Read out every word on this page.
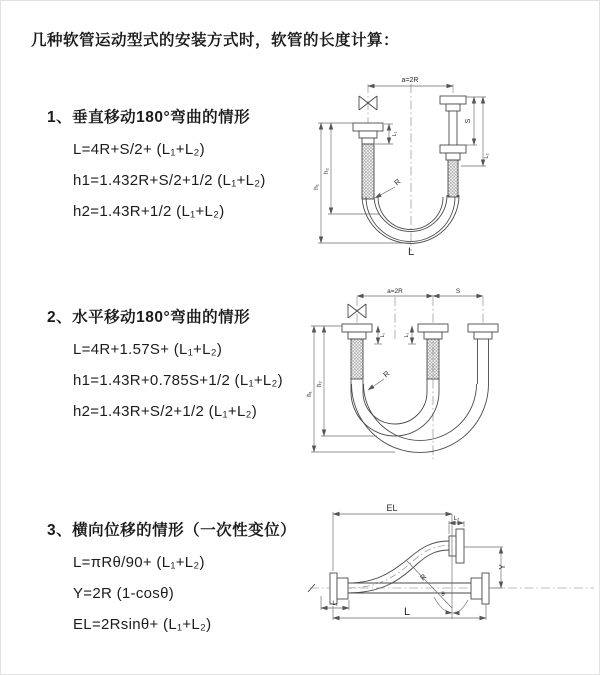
几种软管运动型式的安装方式时，软管的长度计算：
1、垂直移动180°弯曲的情形
L=4R+S/2+ (L₁+L₂)
h1=1.432R+S/2+1/2 (L₁+L₂)
h2=1.43R+1/2 (L₁+L₂)
2、水平移动180°弯曲的情形
L=4R+1.57S+ (L₁+L₂)
h1=1.43R+0.785S+1/2 (L₁+L₂)
h2=1.43R+S/2+1/2 (L₁+L₂)
3、横向位移的情形（一次性变位）
L=πRθ/90+ (L₁+L₂)
Y=2R (1-cosθ)
EL=2Rsinθ+ (L₁+L₂)
a=2R
h₁
h₂
L₁
S
L₂
R
L
a=2R	S
h₁
h₂
L₁	L₂
R
EL
L₂
Y
L
L₁
R
θ
